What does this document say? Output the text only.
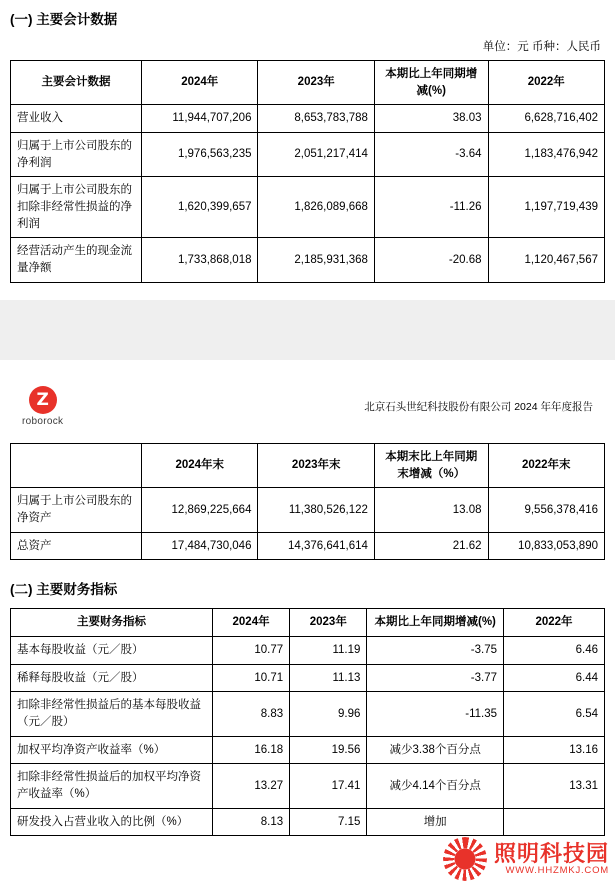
(一) 主要会计数据
单位：元 币种：人民币
主要会计数据	2024年	2023年	本期比上年同期增减(%)	2022年
营业收入	11,944,707,206	8,653,783,788	38.03	6,628,716,402
归属于上市公司股东的净利润	1,976,563,235	2,051,217,414	-3.64	1,183,476,942
归属于上市公司股东的扣除非经常性损益的净利润	1,620,399,657	1,826,089,668	-11.26	1,197,719,439
经营活动产生的现金流量净额	1,733,868,018	2,185,931,368	-20.68	1,120,467,567
Z
roborock
北京石头世纪科技股份有限公司 2024 年年度报告
	2024年末	2023年末	本期末比上年同期末增减（%）	2022年末
归属于上市公司股东的净资产	12,869,225,664	11,380,526,122	13.08	9,556,378,416
总资产	17,484,730,046	14,376,641,614	21.62	10,833,053,890
(二) 主要财务指标
主要财务指标	2024年	2023年	本期比上年同期增减(%)	2022年
基本每股收益（元／股）	10.77	11.19	-3.75	6.46
稀释每股收益（元／股）	10.71	11.13	-3.77	6.44
扣除非经常性损益后的基本每股收益（元／股）	8.83	9.96	-11.35	6.54
加权平均净资产收益率（%）	16.18	19.56	减少3.38个百分点	13.16
扣除非经常性损益后的加权平均净资产收益率（%）	13.27	17.41	减少4.14个百分点	13.31
研发投入占营业收入的比例（%）	8.13	7.15	增加	
照明科技园
WWW.HHZMKJ.COM
